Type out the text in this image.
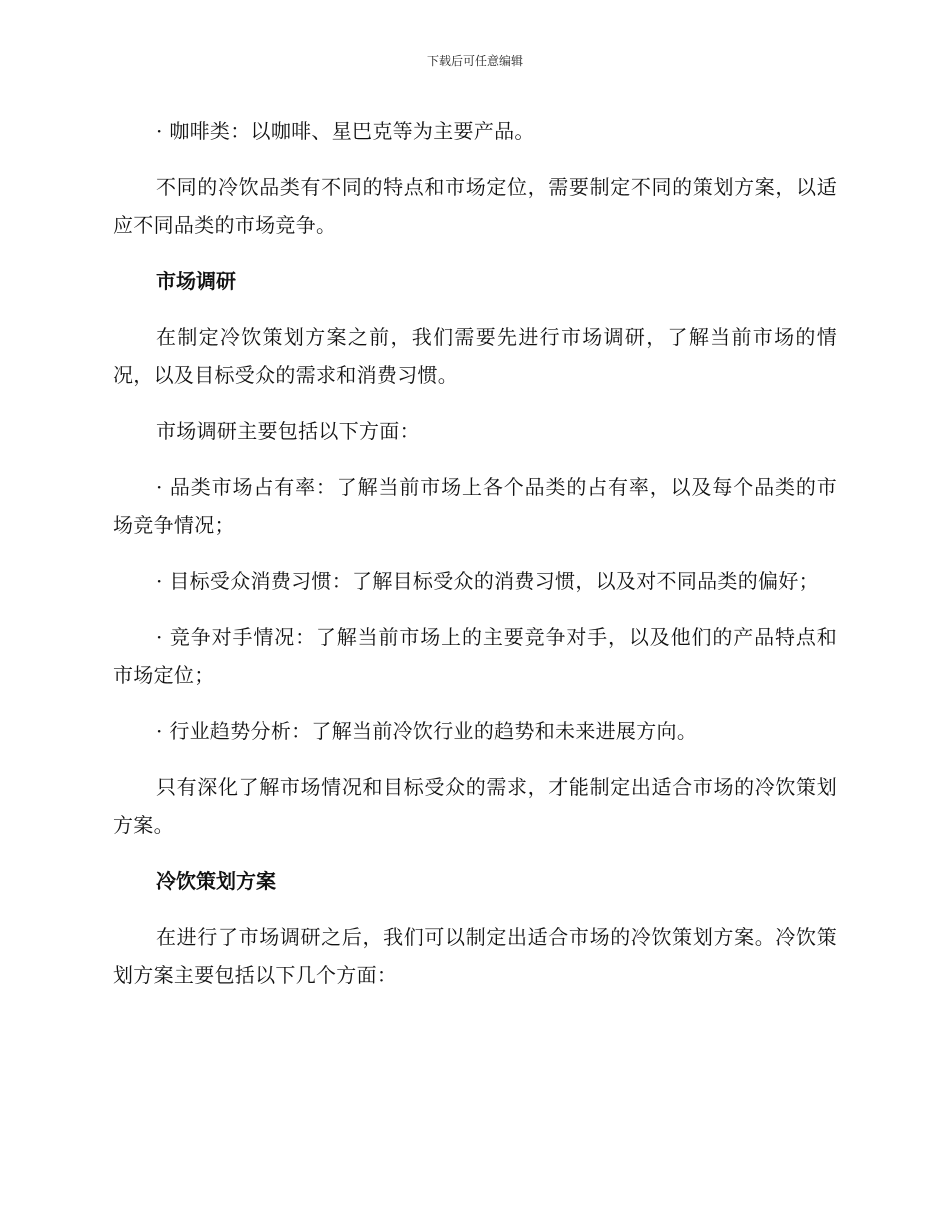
下载后可任意编辑

· 咖啡类：以咖啡、星巴克等为主要产品。

不同的冷饮品类有不同的特点和市场定位，需要制定不同的策划方案，以适应不同品类的市场竞争。

市场调研

在制定冷饮策划方案之前，我们需要先进行市场调研，了解当前市场的情况，以及目标受众的需求和消费习惯。

市场调研主要包括以下方面：

· 品类市场占有率：了解当前市场上各个品类的占有率，以及每个品类的市场竞争情况；

· 目标受众消费习惯：了解目标受众的消费习惯，以及对不同品类的偏好；

· 竞争对手情况：了解当前市场上的主要竞争对手，以及他们的产品特点和市场定位；

· 行业趋势分析：了解当前冷饮行业的趋势和未来进展方向。

只有深化了解市场情况和目标受众的需求，才能制定出适合市场的冷饮策划方案。

冷饮策划方案

在进行了市场调研之后，我们可以制定出适合市场的冷饮策划方案。冷饮策划方案主要包括以下几个方面：
